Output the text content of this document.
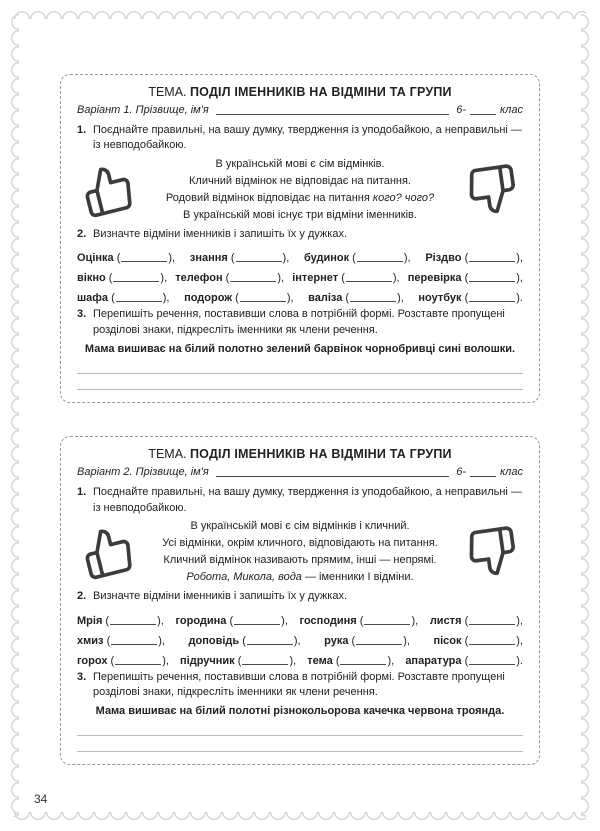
ТЕМА. ПОДІЛ ІМЕННИКІВ НА ВІДМІНИ ТА ГРУПИ
Варіант 1. Прізвище, ім'я	6-	клас
1. Поєднайте правильні, на вашу думку, твердження із уподобайкою, а неправильні — із невподобайкою.
В українській мові є сім відмінків.
Кличний відмінок не відповідає на питання.
Родовий відмінок відповідає на питання кого? чого?
В українській мові існує три відміни іменників.
2. Визначте відміни іменників і запишіть їх у дужках.
Оцінка (	), знання (	), будинок (	), Різдво (	),
вікно (	), телефон (	), інтернет (	), перевірка (	),
шафа (	), подорож (	), валіза (	), ноутбук (	).
3. Перепишіть речення, поставивши слова в потрібній формі. Розставте пропущені розділові знаки, підкресліть іменники як члени речення.
Мама вишиває на білий полотно зелений барвінок чорнобривці сині волошки.
ТЕМА. ПОДІЛ ІМЕННИКІВ НА ВІДМІНИ ТА ГРУПИ
Варіант 2. Прізвище, ім'я	6-	клас
1. Поєднайте правильні, на вашу думку, твердження із уподобайкою, а неправильні — із невподобайкою.
В українській мові є сім відмінків і кличний.
Усі відмінки, окрім кличного, відповідають на питання.
Кличний відмінок називають прямим, інші — непрямі.
Робота, Микола, вода — іменники І відміни.
2. Визначте відміни іменників і запишіть їх у дужках.
Мрія (	), городина (	), господиня (	), листя (	),
хмиз (	), доповідь (	), рука (	), пісок (	),
горох (	), підручник (	), тема (	), апаратура (	).
3. Перепишіть речення, поставивши слова в потрібній формі. Розставте пропущені розділові знаки, підкресліть іменники як члени речення.
Мама вишиває на білий полотні різнокольорова качечка червона троянда.
34
